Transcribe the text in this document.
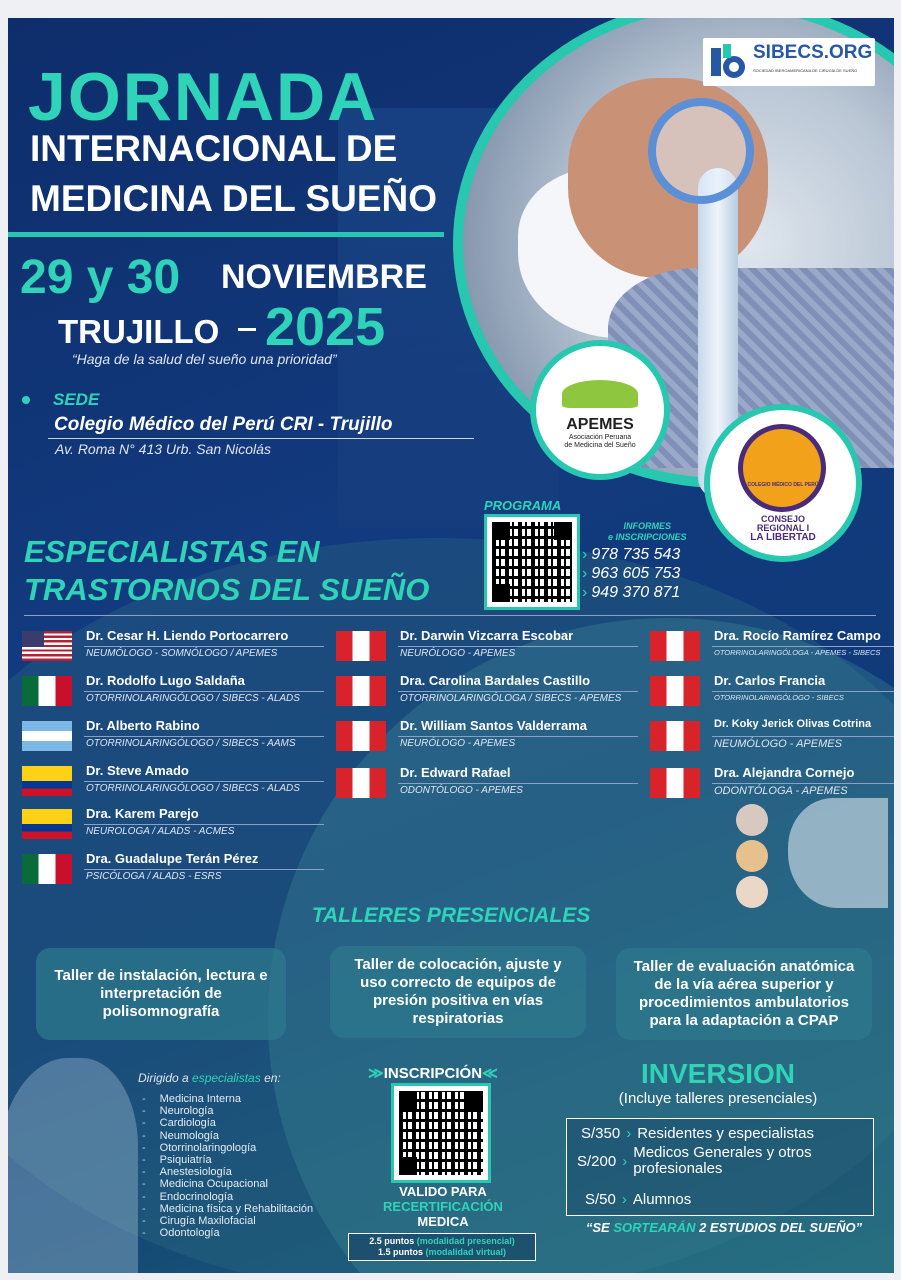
SIBECS.ORG
SOCIEDAD IBEROAMERICANA DE CIRUGÍA DE SUEÑO
JORNADA
INTERNACIONAL DE
MEDICINA DEL SUEÑO
29 y 30 NOVIEMBRE
TRUJILLO 2025
“Haga de la salud del sueño una prioridad”
SEDE
Colegio Médico del Perú CRI - Trujillo
Av. Roma N° 413 Urb. San Nicolás
APEMES
Asociación Peruana
de Medicina del Sueño
COLEGIO MÉDICO DEL PERÚ
CONSEJO
REGIONAL I
LA LIBERTAD
PROGRAMA
INFORMES
e INSCRIPCIONES
› 978 735 543
› 963 605 753
› 949 370 871
ESPECIALISTAS EN
TRASTORNOS DEL SUEÑO
Dr. Cesar H. Liendo Portocarrero
NEUMÓLOGO - SOMNÓLOGO / APEMES
Dr. Rodolfo Lugo Saldaña
OTORRINOLARINGÓLOGO / SIBECS - ALADS
Dr. Alberto Rabino
OTORRINOLARINGÓLOGO / SIBECS - AAMS
Dr. Steve Amado
OTORRINOLARINGÓLOGO / SIBECS - ALADS
Dra. Karem Parejo
NEUROLOGA / ALADS - ACMES
Dra. Guadalupe Terán Pérez
PSICÓLOGA / ALADS - ESRS
Dr. Darwin Vizcarra Escobar
NEURÓLOGO - APEMES
Dra. Carolina Bardales Castillo
OTORRINOLARINGÓLOGA / SIBECS - APEMES
Dr. William Santos Valderrama
NEURÓLOGO - APEMES
Dr. Edward Rafael
ODONTÓLOGO - APEMES
Dra. Rocío Ramírez Campo
OTORRINOLARINGÓLOGA - APEMES - SIBECS
Dr. Carlos Francia
OTORRINOLARINGÓLOGO - SIBECS
Dr. Koky Jerick Olivas Cotrina
NEUMÓLOGO - APEMES
Dra. Alejandra Cornejo
ODONTÓLOGA - APEMES
TALLERES PRESENCIALES
Taller de instalación, lectura e interpretación de polisomnografía
Taller de colocación, ajuste y uso correcto de equipos de presión positiva en vías respiratorias
Taller de evaluación anatómica de la vía aérea superior y procedimientos ambulatorios para la adaptación a CPAP
Dirigido a especialistas en:
- Medicina Interna
- Neurología
- Cardiología
- Neumología
- Otorrinolaringología
- Psiquiatría
- Anestesiología
- Medicina Ocupacional
- Endocrinología
- Medicina física y Rehabilitación
- Cirugía Maxilofacial
- Odontología
≫INSCRIPCIÓN≪
VALIDO PARA
RECERTIFICACIÓN
MEDICA
2.5 puntos (modalidad presencial)
1.5 puntos (modalidad virtual)
INVERSION
(Incluye talleres presenciales)
S/350 › Residentes y especialistas
S/200 ›Medicos Generales y otros profesionales
S/50 › Alumnos
“SE SORTEARÁN 2 ESTUDIOS DEL SUEÑO”
